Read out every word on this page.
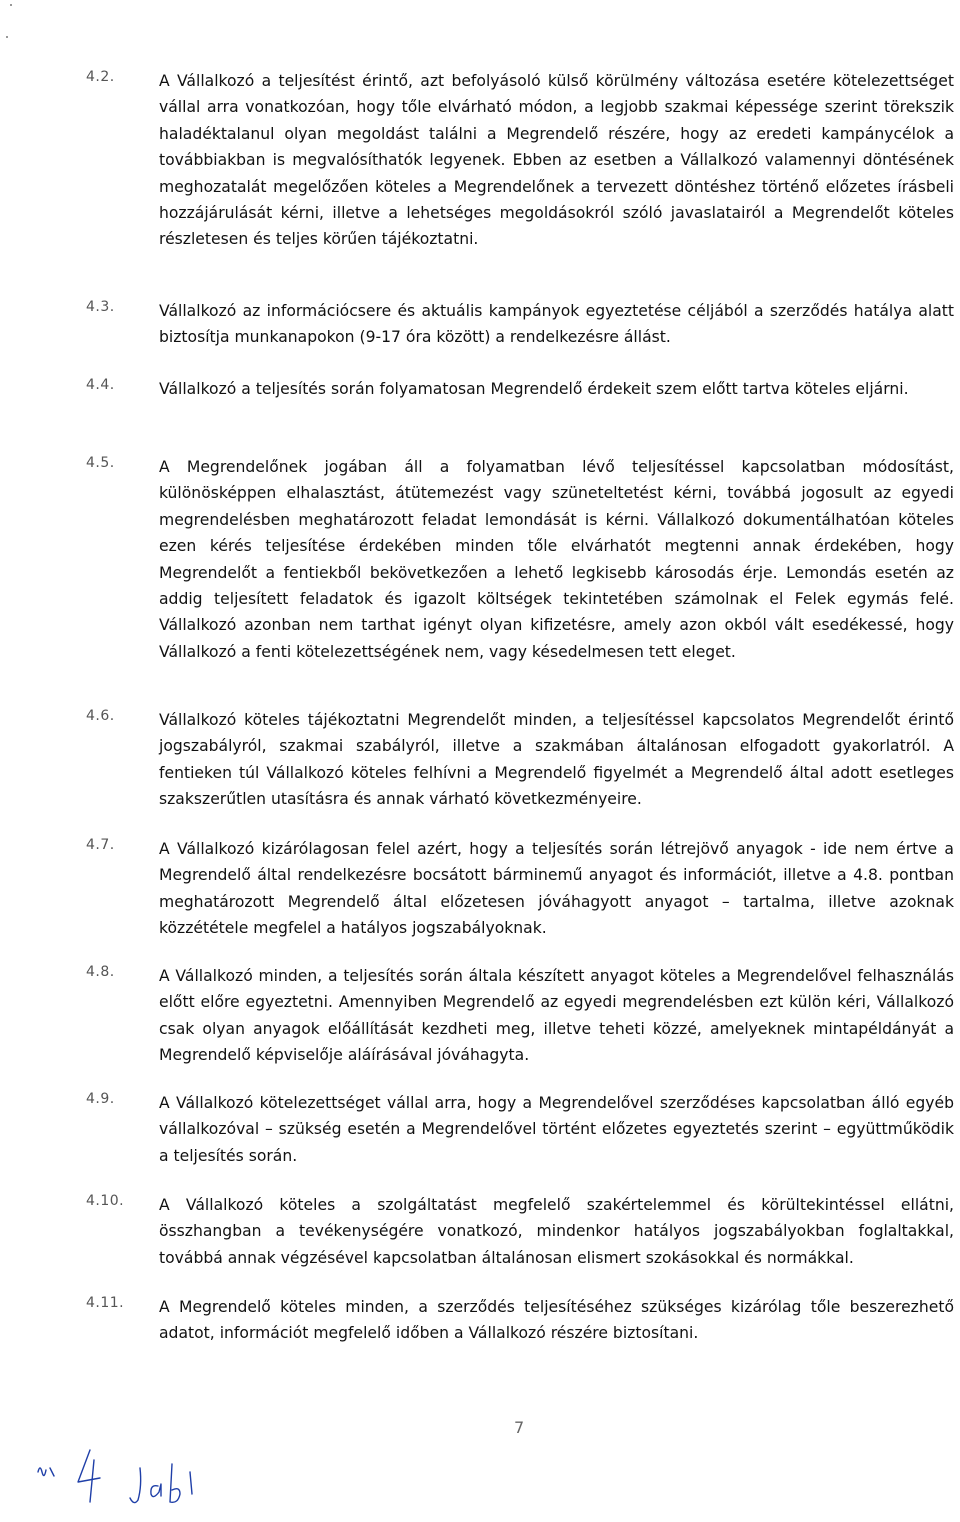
4.2.	A Vállalkozó a teljesítést érintő, azt befolyásoló külső körülmény változása esetére kötelezettséget vállal arra vonatkozóan, hogy tőle elvárható módon, a legjobb szakmai képessége szerint törekszik haladéktalanul olyan megoldást találni a Megrendelő részére, hogy az eredeti kampánycélok a továbbiakban is megvalósíthatók legyenek. Ebben az esetben a Vállalkozó valamennyi döntésének meghozatalát megelőzően köteles a Megrendelőnek a tervezett döntéshez történő előzetes írásbeli hozzájárulását kérni, illetve a lehetséges megoldásokról szóló javaslatairól a Megrendelőt köteles részletesen és teljes körűen tájékoztatni.

4.3.	Vállalkozó az információcsere és aktuális kampányok egyeztetése céljából a szerződés hatálya alatt biztosítja munkanapokon (9-17 óra között) a rendelkezésre állást.

4.4.	Vállalkozó a teljesítés során folyamatosan Megrendelő érdekeit szem előtt tartva köteles eljárni.

4.5.	A Megrendelőnek jogában áll a folyamatban lévő teljesítéssel kapcsolatban módosítást, különösképpen elhalasztást, átütemezést vagy szüneteltetést kérni, továbbá jogosult az egyedi megrendelésben meghatározott feladat lemondását is kérni. Vállalkozó dokumentálhatóan köteles ezen kérés teljesítése érdekében minden tőle elvárhatót megtenni annak érdekében, hogy Megrendelőt a fentiekből bekövetkezően a lehető legkisebb károsodás érje. Lemondás esetén az addig teljesített feladatok és igazolt költségek tekintetében számolnak el Felek egymás felé. Vállalkozó azonban nem tarthat igényt olyan kifizetésre, amely azon okból vált esedékessé, hogy Vállalkozó a fenti kötelezettségének nem, vagy késedelmesen tett eleget.

4.6.	Vállalkozó köteles tájékoztatni Megrendelőt minden, a teljesítéssel kapcsolatos Megrendelőt érintő jogszabályról, szakmai szabályról, illetve a szakmában általánosan elfogadott gyakorlatról. A fentieken túl Vállalkozó köteles felhívni a Megrendelő figyelmét a Megrendelő által adott esetleges szakszerűtlen utasításra és annak várható következményeire.

4.7.	A Vállalkozó kizárólagosan felel azért, hogy a teljesítés során létrejövő anyagok - ide nem értve a Megrendelő által rendelkezésre bocsátott bárminemű anyagot és információt, illetve a 4.8. pontban meghatározott Megrendelő által előzetesen jóváhagyott anyagot – tartalma, illetve azoknak közzététele megfelel a hatályos jogszabályoknak.

4.8.	A Vállalkozó minden, a teljesítés során általa készített anyagot köteles a Megrendelővel felhasználás előtt előre egyeztetni. Amennyiben Megrendelő az egyedi megrendelésben ezt külön kéri, Vállalkozó csak olyan anyagok előállítását kezdheti meg, illetve teheti közzé, amelyeknek mintapéldányát a Megrendelő képviselője aláírásával jóváhagyta.

4.9.	A Vállalkozó kötelezettséget vállal arra, hogy a Megrendelővel szerződéses kapcsolatban álló egyéb vállalkozóval – szükség esetén a Megrendelővel történt előzetes egyeztetés szerint – együttműködik a teljesítés során.

4.10.	A Vállalkozó köteles a szolgáltatást megfelelő szakértelemmel és körültekintéssel ellátni, összhangban a tevékenységére vonatkozó, mindenkor hatályos jogszabályokban foglaltakkal, továbbá annak végzésével kapcsolatban általánosan elismert szokásokkal és normákkal.

4.11.	A Megrendelő köteles minden, a szerződés teljesítéséhez szükséges kizárólag tőle beszerezhető adatot, információt megfelelő időben a Vállalkozó részére biztosítani.

7
